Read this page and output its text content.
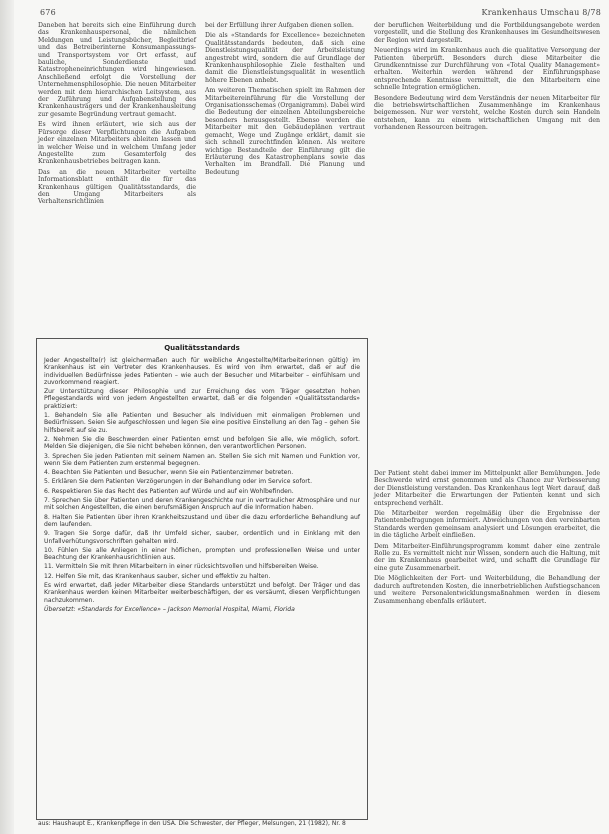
676	Krankenhaus Umschau 8/78

Daneben hat bereits sich eine Einführung durch das Krankenhauspersonal, die nämlichen Meldungen und Leistungsbücher, Begleitbrief und das Betreiberinterne Konsumanpassungs- und Transportsystem vor Ort erfasst, auf bauliche, Sonderdienste und Katastropheneinrichtungen wird hingewiesen. Anschließend erfolgt die Vorstellung der Unternehmensphilosophie. Die neuen Mitarbeiter werden mit dem hierarchischen Leitsystem, aus der Zuführung und Aufgabenstellung des Krankenhausträgers und der Krankenhausleitung zur gesamte Begründung vertraut gemacht.

Es wird ihnen erläutert, wie sich aus der Fürsorge dieser Verpflichtungen die Aufgaben jeder einzelnen Mitarbeiters ableiten lassen und in welcher Weise und in welchem Umfang jeder Angestellte zum Gesamterfolg des Krankenhausbetriebes beitragen kann.

Das an die neuen Mitarbeiter verteilte Informationsblatt enthält die für das Krankenhaus gültigen Qualitätsstandards, die den Umgang Mitarbeiters als Verhaltensrichtlinien

bei der Erfüllung ihrer Aufgaben dienen sollen.

Die als «Standards for Excellence» bezeichneten Qualitätsstandards bedeuten, daß sich eine Dienstleistungsqualität der Arbeitsleistung angestrebt wird, sondern die auf Grundlage der Krankenhausphilosophie Ziele festhalten und damit die Dienstleistungsqualität in wesentlich höhere Ebenen anhebt.

Am weiteren Thematischen spielt im Rahmen der Mitarbeitereinführung für die Vorstellung der Organisationsschemas (Organigramm). Dabei wird die Bedeutung der einzelnen Abteilungsbereiche besonders herausgestellt. Ebenso werden die Mitarbeiter mit den Gebäudeplänen vertraut gemacht, Wege und Zugänge erklärt, damit sie sich schnell zurechtfinden können. Als weitere wichtige Bestandteile der Einführung gilt die Erläuterung des Katastrophenplans sowie das Verhalten im Brandfall. Die Planung und Bedeutung

der beruflichen Weiterbildung und die Fortbildungsangebote werden vorgestellt, und die Stellung des Krankenhauses im Gesundheitswesen der Region wird dargestellt.

Neuerdings wird im Krankenhaus auch die qualitative Versorgung der Patienten überprüft. Besonders durch diese Mitarbeiter die Grundkenntnisse zur Durchführung von «Total Quality Management» erhalten. Weiterhin werden während der Einführungsphase entsprechende Kenntnisse vermittelt, die den Mitarbeitern eine schnelle Integration ermöglichen.

Besondere Bedeutung wird dem Verständnis der neuen Mitarbeiter für die betriebswirtschaftlichen Zusammenhänge im Krankenhaus beigemessen. Nur wer versteht, welche Kosten durch sein Handeln entstehen, kann zu einem wirtschaftlichen Umgang mit den vorhandenen Ressourcen beitragen.

Der Patient steht dabei immer im Mittelpunkt aller Bemühungen. Jede Beschwerde wird ernst genommen und als Chance zur Verbesserung der Dienstleistung verstanden. Das Krankenhaus legt Wert darauf, daß jeder Mitarbeiter die Erwartungen der Patienten kennt und sich entsprechend verhält.

Die Mitarbeiter werden regelmäßig über die Ergebnisse der Patientenbefragungen informiert. Abweichungen von den vereinbarten Standards werden gemeinsam analysiert und Lösungen erarbeitet, die in die tägliche Arbeit einfließen.

Dem Mitarbeiter-Einführungsprogramm kommt daher eine zentrale Rolle zu. Es vermittelt nicht nur Wissen, sondern auch die Haltung, mit der im Krankenhaus gearbeitet wird, und schafft die Grundlage für eine gute Zusammenarbeit.

Die Möglichkeiten der Fort- und Weiterbildung, die Behandlung der dadurch auftretenden Kosten, die innerbetrieblichen Aufstiegschancen und weitere Personalentwicklungsmaßnahmen werden in diesem Zusammenhang ebenfalls erläutert.

Qualitätsstandards

Jeder Angestellte(r) ist gleichermaßen auch für weibliche Angestellte/Mitarbeiterinnen gültig) im Krankenhaus ist ein Vertreter des Krankenhauses. Es wird von ihm erwartet, daß er auf die individuellen Bedürfnisse jedes Patienten – wie auch der Besucher und Mitarbeiter – einfühlsam und zuvorkommend reagiert.

Zur Unterstützung dieser Philosophie und zur Erreichung des vom Träger gesetzten hohen Pflegestandards wird von jedem Angestellten erwartet, daß er die folgenden «Qualitätsstandards» praktiziert:

1. Behandeln Sie alle Patienten und Besucher als Individuen mit einmaligen Problemen und Bedürfnissen. Seien Sie aufgeschlossen und legen Sie eine positive Einstellung an den Tag – gehen Sie hilfsbereit auf sie zu.

2. Nehmen Sie die Beschwerden einer Patienten ernst und befolgen Sie alle, wie möglich, sofort. Melden Sie diejenigen, die Sie nicht beheben können, den verantwortlichen Personen.

3. Sprechen Sie jeden Patienten mit seinem Namen an. Stellen Sie sich mit Namen und Funktion vor, wenn Sie dem Patienten zum erstenmal begegnen.

4. Beachten Sie Patienten und Besucher, wenn Sie ein Patientenzimmer betreten.

5. Erklären Sie dem Patienten Verzögerungen in der Behandlung oder im Service sofort.

6. Respektieren Sie das Recht des Patienten auf Würde und auf ein Wohlbefinden.

7. Sprechen Sie über Patienten und deren Krankengeschichte nur in vertraulicher Atmosphäre und nur mit solchen Angestellten, die einen berufsmäßigen Anspruch auf die Information haben.

8. Halten Sie Patienten über ihren Krankheitszustand und über die dazu erforderliche Behandlung auf dem laufenden.

9. Tragen Sie Sorge dafür, daß Ihr Umfeld sicher, sauber, ordentlich und in Einklang mit den Unfallverhütungsvorschriften gehalten wird.

10. Fühlen Sie alle Anliegen in einer höflichen, prompten und professionellen Weise und unter Beachtung der Krankenhausrichtlinien aus.

11. Vermitteln Sie mit Ihren Mitarbeitern in einer rücksichtsvollen und hilfsbereiten Weise.

12. Helfen Sie mit, das Krankenhaus sauber, sicher und effektiv zu halten.

Es wird erwartet, daß jeder Mitarbeiter diese Standards unterstützt und befolgt. Der Träger und das Krankenhaus werden keinen Mitarbeiter weiterbeschäftigen, der es versäumt, diesen Verpflichtungen nachzukommen.

Übersetzt: «Standards for Excellence» – Jackson Memorial Hospital, Miami, Florida

aus: Haushaupt E., Krankenpflege in den USA. Die Schwester, der Pfleger, Melsungen, 21 (1982), Nr. 8
